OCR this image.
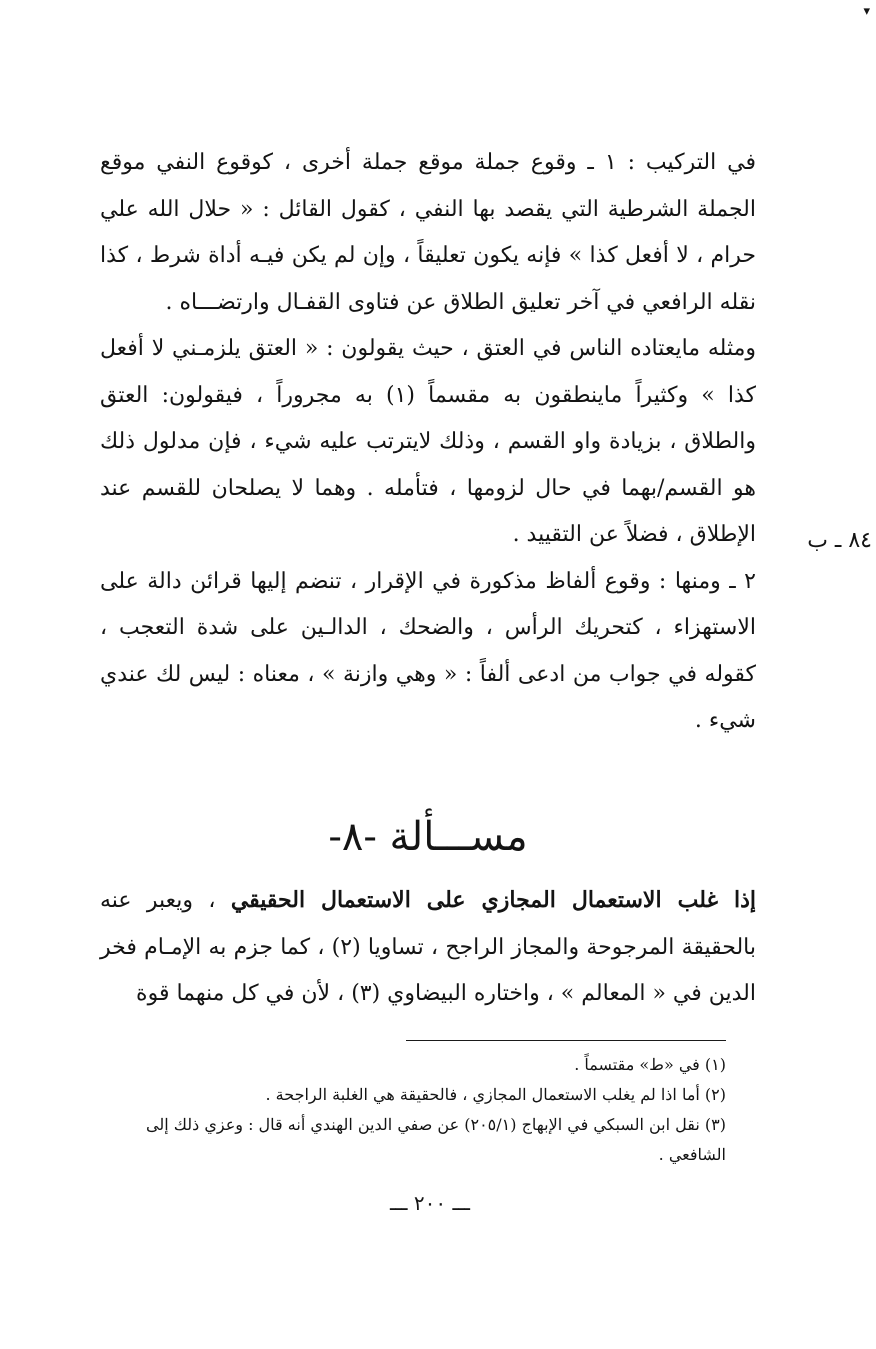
▾

في التركيب : ١ ـ وقوع جملة موقع جملة أخرى ، كوقوع النفي موقع الجملة الشرطية التي يقصد بها النفي ، كقول القائل : « حلال الله علي حرام ، لا أفعل كذا » فإنه يكون تعليقاً ، وإن لم يكن فيـه أداة شرط ، كذا نقله الرافعي في آخر تعليق الطلاق عن فتاوى القفـال وارتضـــاه .

ومثله مايعتاده الناس في العتق ، حيث يقولون : « العتق يلزمـني لا أفعل كذا » وكثيراً ماينطقون به مقسماً (١) به مجروراً ، فيقولون: العتق والطلاق ، بزيادة واو القسم ، وذلك لايترتب عليه شيء ، فإن مدلول ذلك هو القسم/بهما في حال لزومها ، فتأمله . وهما لا يصلحان للقسم عند الإطلاق ، فضلاً عن التقييد .

٢ ـ ومنها : وقوع ألفاظ مذكورة في الإقرار ، تنضم إليها قرائن دالة على الاستهزاء ، كتحريك الرأس ، والضحك ، الدالـين على شدة التعجب ، كقوله في جواب من ادعى ألفاً : « وهي وازنة » ، معناه : ليس لك عندي شيء .

٨٤ ـ ب
مســـألة -٨-

إذا غلب الاستعمال المجازي على الاستعمال الحقيقي ، ويعبر عنه بالحقيقة المرجوحة والمجاز الراجح ، تساويا (٢) ، كما جزم به الإمـام فخر الدين في « المعالم » ، واختاره البيضاوي (٣) ، لأن في كل منهما قوة

(١) في «ط» مقتسماً .

(٢) أما اذا لم يغلب الاستعمال المجازي ، فالحقيقة هي الغلبة الراجحة .

(٣) نقل ابن السبكي في الإبهاج (٢٠٥/١) عن صفي الدين الهندي أنه قال : وعزي ذلك إلى الشافعي .

ـــ ٢٠٠ ـــ
